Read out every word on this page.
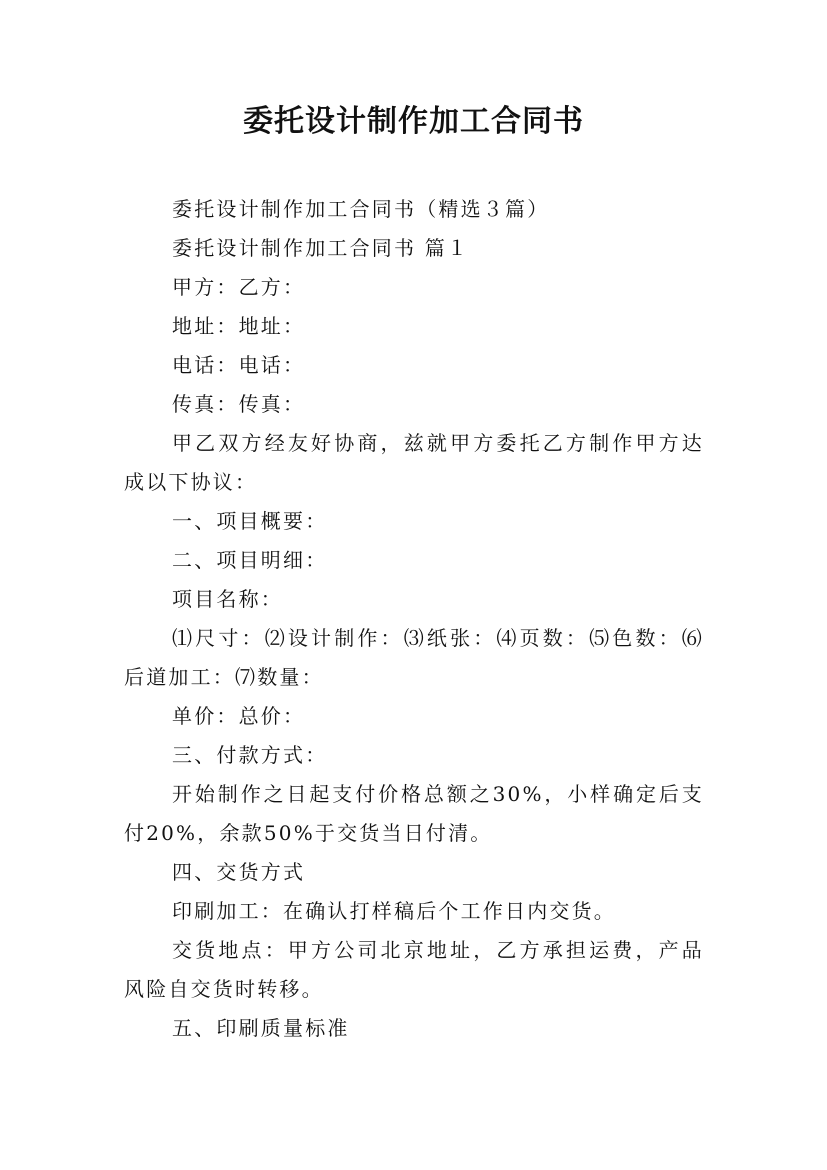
委托设计制作加工合同书

委托设计制作加工合同书（精选３篇）

委托设计制作加工合同书 篇１

甲方：乙方：

地址：地址：

电话：电话：

传真：传真：

甲乙双方经友好协商，兹就甲方委托乙方制作甲方达成以下协议：

一、项目概要：

二、项目明细：

项目名称：

⑴尺寸：⑵设计制作：⑶纸张：⑷页数：⑸色数：⑹后道加工：⑺数量：

单价：总价：

三、付款方式：

开始制作之日起支付价格总额之30%，小样确定后支付20%，余款50%于交货当日付清。

四、交货方式

印刷加工：在确认打样稿后个工作日内交货。

交货地点：甲方公司北京地址，乙方承担运费，产品风险自交货时转移。

五、印刷质量标准
